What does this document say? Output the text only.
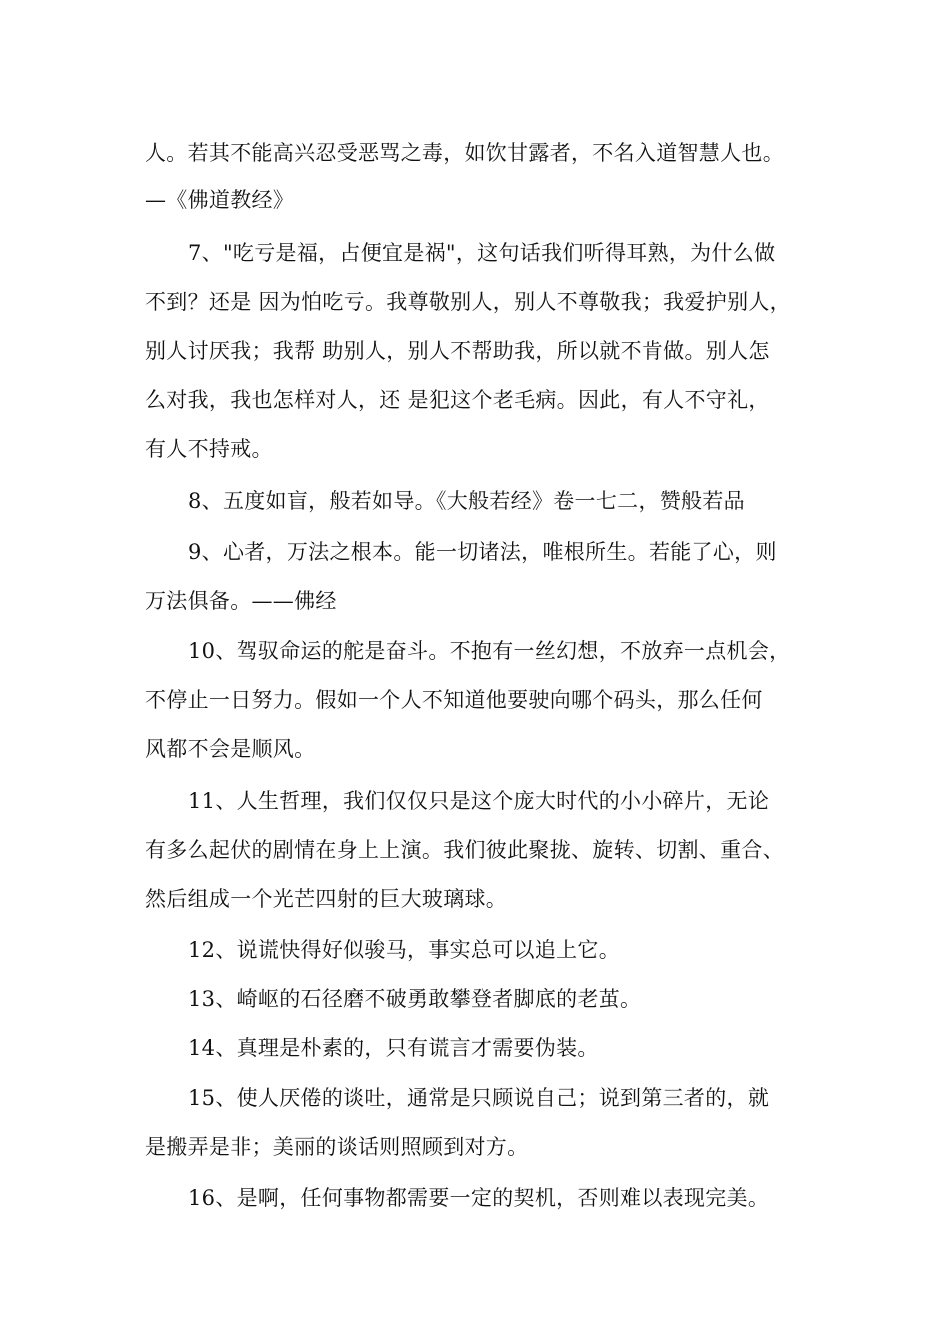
人。若其不能高兴忍受恶骂之毒，如饮甘露者，不名入道智慧人也。
—《佛道教经》
7、"吃亏是福，占便宜是祸"，这句话我们听得耳熟，为什么做
不到？还是 因为怕吃亏。我尊敬别人，别人不尊敬我；我爱护别人，
别人讨厌我；我帮 助别人，别人不帮助我，所以就不肯做。别人怎
么对我，我也怎样对人，还 是犯这个老毛病。因此，有人不守礼，
有人不持戒。
8、五度如盲，般若如导。《大般若经》卷一七二，赞般若品
9、心者，万法之根本。能一切诸法，唯根所生。若能了心，则
万法俱备。——佛经
10、驾驭命运的舵是奋斗。不抱有一丝幻想，不放弃一点机会，
不停止一日努力。假如一个人不知道他要驶向哪个码头，那么任何
风都不会是顺风。
11、人生哲理，我们仅仅只是这个庞大时代的小小碎片，无论
有多么起伏的剧情在身上上演。我们彼此聚拢、旋转、切割、重合、
然后组成一个光芒四射的巨大玻璃球。
12、说谎快得好似骏马，事实总可以追上它。
13、崎岖的石径磨不破勇敢攀登者脚底的老茧。
14、真理是朴素的，只有谎言才需要伪装。
15、使人厌倦的谈吐，通常是只顾说自己；说到第三者的，就
是搬弄是非；美丽的谈话则照顾到对方。
16、是啊，任何事物都需要一定的契机，否则难以表现完美。
